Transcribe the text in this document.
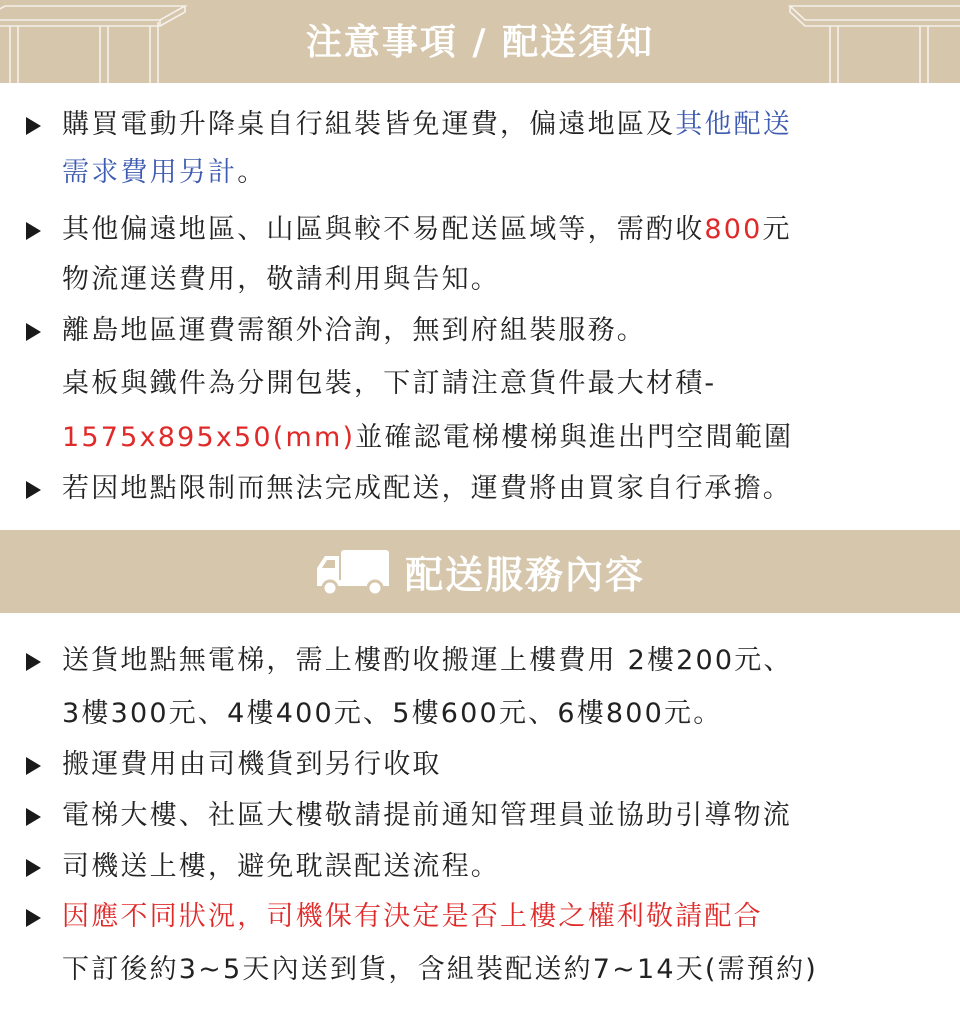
注意事項 / 配送須知
購買電動升降桌自行組裝皆免運費，偏遠地區及其他配送
需求費用另計。
其他偏遠地區、山區與較不易配送區域等，需酌收800元
物流運送費用，敬請利用與告知。
離島地區運費需額外洽詢，無到府組裝服務。
桌板與鐵件為分開包裝，下訂請注意貨件最大材積-
1575x895x50(mm)並確認電梯樓梯與進出門空間範圍
若因地點限制而無法完成配送，運費將由買家自行承擔。
配送服務內容
送貨地點無電梯，需上樓酌收搬運上樓費用 2樓200元、
3樓300元、4樓400元、5樓600元、6樓800元。
搬運費用由司機貨到另行收取
電梯大樓、社區大樓敬請提前通知管理員並協助引導物流
司機送上樓，避免耽誤配送流程。
因應不同狀況，司機保有決定是否上樓之權利敬請配合
下訂後約3~5天內送到貨，含組裝配送約7~14天(需預約)
